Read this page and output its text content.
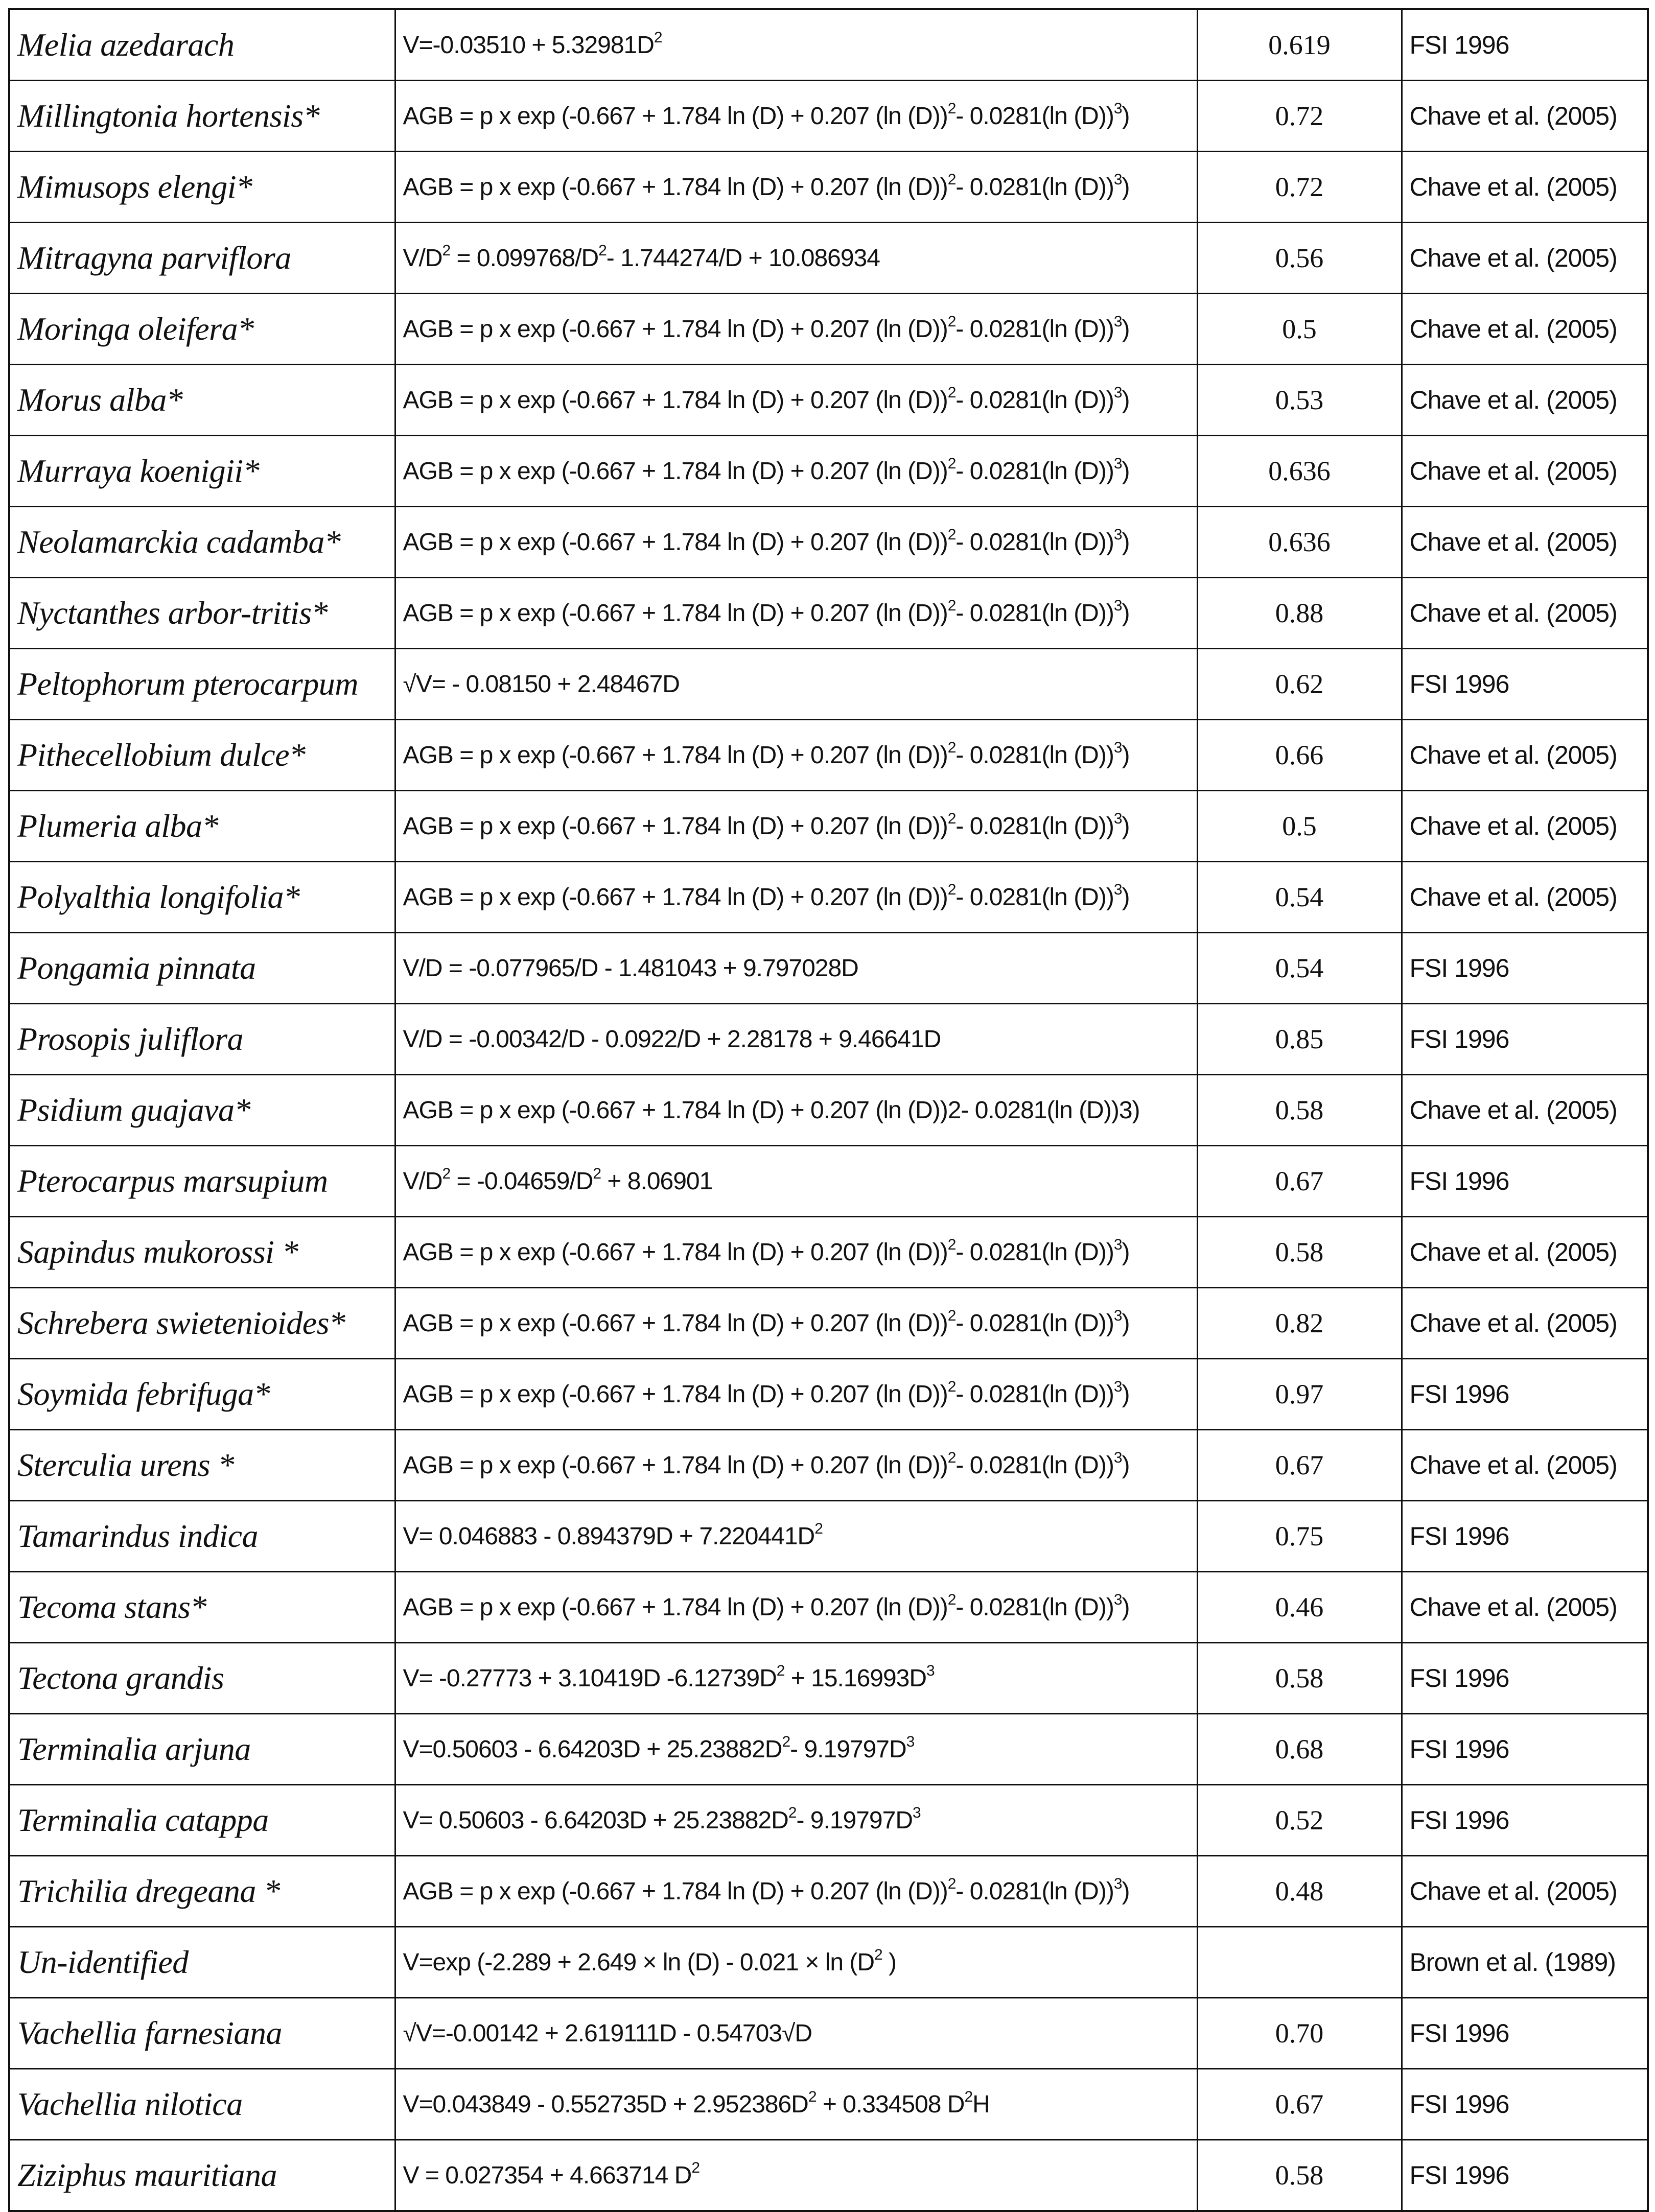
Melia azedarach	$V=-0.03510 + 5.32981D^2$	0.619	FSI 1996
Millingtonia hortensis*	AGB = p x exp (-0.667 + 1.784 ln (D) + 0.207 (ln (D))$^2$- 0.0281(ln (D))$^3$)	0.72	Chave et al. (2005)
Mimusops elengi*	AGB = p x exp (-0.667 + 1.784 ln (D) + 0.207 (ln (D))$^2$- 0.0281(ln (D))$^3$)	0.72	Chave et al. (2005)
Mitragyna parviflora	$V/D^2 = 0.099768/D^2-$ 1.744274/D + 10.086934	0.56	Chave et al. (2005)
Moringa oleifera*	AGB = p x exp (-0.667 + 1.784 ln (D) + 0.207 (ln (D))$^2$- 0.0281(ln (D))$^3$)	0.5	Chave et al. (2005)
Morus alba*	AGB = p x exp (-0.667 + 1.784 ln (D) + 0.207 (ln (D))$^2$- 0.0281(ln (D))$^3$)	0.53	Chave et al. (2005)
Murraya koenigii*	AGB = p x exp (-0.667 + 1.784 ln (D) + 0.207 (ln (D))$^2$- 0.0281(ln (D))$^3$)	0.636	Chave et al. (2005)
Neolamarckia cadamba*	AGB = p x exp (-0.667 + 1.784 ln (D) + 0.207 (ln (D))$^2$- 0.0281(ln (D))$^3$)	0.636	Chave et al. (2005)
Nyctanthes arbor-tritis*	AGB = p x exp (-0.667 + 1.784 ln (D) + 0.207 (ln (D))$^2$- 0.0281(ln (D))$^3$)	0.88	Chave et al. (2005)
Peltophorum pterocarpum	√V= - 0.08150 + 2.48467D	0.62	FSI 1996
Pithecellobium dulce*	AGB = p x exp (-0.667 + 1.784 ln (D) + 0.207 (ln (D))$^2$- 0.0281(ln (D))$^3$)	0.66	Chave et al. (2005)
Plumeria alba*	AGB = p x exp (-0.667 + 1.784 ln (D) + 0.207 (ln (D))$^2$- 0.0281(ln (D))$^3$)	0.5	Chave et al. (2005)
Polyalthia longifolia*	AGB = p x exp (-0.667 + 1.784 ln (D) + 0.207 (ln (D))$^2$- 0.0281(ln (D))$^3$)	0.54	Chave et al. (2005)
Pongamia pinnata	V/D = -0.077965/D - 1.481043 + 9.797028D	0.54	FSI 1996
Prosopis juliflora	V/D = -0.00342/D - 0.0922/D + 2.28178 + 9.46641D	0.85	FSI 1996
Psidium guajava*	AGB = p x exp (-0.667 + 1.784 ln (D) + 0.207 (ln (D))2- 0.0281(ln (D))3)	0.58	Chave et al. (2005)
Pterocarpus marsupium	$V/D^2 = -0.04659/D^2 + 8.06901$	0.67	FSI 1996
Sapindus mukorossi *	AGB = p x exp (-0.667 + 1.784 ln (D) + 0.207 (ln (D))$^2$- 0.0281(ln (D))$^3$)	0.58	Chave et al. (2005)
Schrebera swietenioides*	AGB = p x exp (-0.667 + 1.784 ln (D) + 0.207 (ln (D))$^2$- 0.0281(ln (D))$^3$)	0.82	Chave et al. (2005)
Soymida febrifuga*	AGB = p x exp (-0.667 + 1.784 ln (D) + 0.207 (ln (D))$^2$- 0.0281(ln (D))$^3$)	0.97	FSI 1996
Sterculia urens *	AGB = p x exp (-0.667 + 1.784 ln (D) + 0.207 (ln (D))$^2$- 0.0281(ln (D))$^3$)	0.67	Chave et al. (2005)
Tamarindus indica	$V= 0.046883 - 0.894379D + 7.220441D^2$	0.75	FSI 1996
Tecoma stans*	AGB = p x exp (-0.667 + 1.784 ln (D) + 0.207 (ln (D))$^2$- 0.0281(ln (D))$^3$)	0.46	Chave et al. (2005)
Tectona grandis	V= -0.27773 + 3.10419D $-6.12739D^2 + 15.16993D^3$	0.58	FSI 1996
Terminalia arjuna	$V=0.50603 - 6.64203D + 25.23882D^2-$ $9.19797D^3$	0.68	FSI 1996
Terminalia catappa	$V= 0.50603 - 6.64203D + 25.23882D^2-$ $9.19797D^3$	0.52	FSI 1996
Trichilia dregeana *	AGB = p x exp (-0.667 + 1.784 ln (D) + 0.207 (ln (D))$^2$- 0.0281(ln (D))$^3$)	0.48	Chave et al. (2005)
Un-identified	V=exp ($-2.289 + 2.649 \times \ln (D) - 0.021 \times \ln (D^2$ )		Brown et al. (1989)
Vachellia farnesiana	√V=-0.00142 + 2.619111D - 0.54703√D	0.70	FSI 1996
Vachellia nilotica	$V=0.043849 - 0.552735D + 2.952386D^2 + 0.334508$ $D^2H$	0.67	FSI 1996
Ziziphus mauritiana	V = 0.027354 + 4.663714 $D^2$	0.58	FSI 1996
